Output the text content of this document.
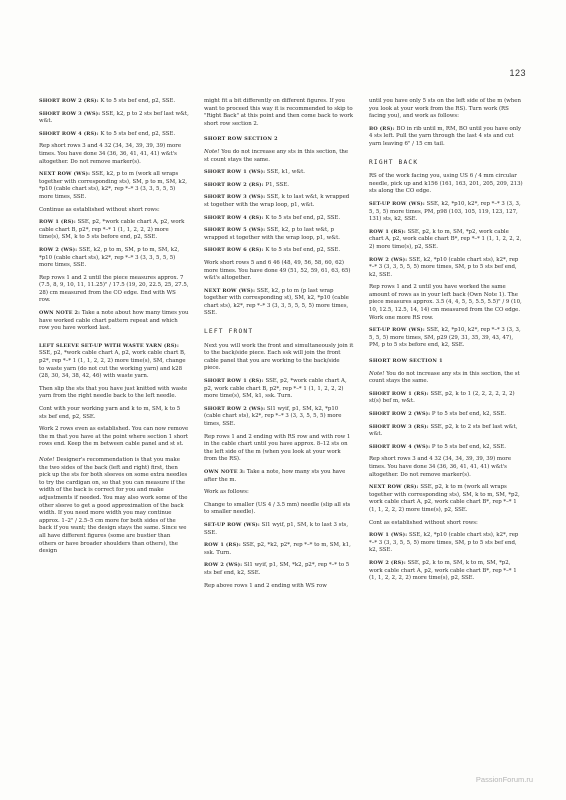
123
SHORT ROW 2 (RS): K to 5 sts bef end, p2, SSE.
SHORT ROW 3 (WS): SSE, k2, p to 2 sts bef last w&t, w&t.
SHORT ROW 4 (RS): K to 5 sts bef end, p2, SSE.
Rep short rows 3 and 4 32 (34, 34, 39, 39, 39) more times. You have done 34 (36, 36, 41, 41, 41) w&t's altogether. Do not remove marker(s).
NEXT ROW (WS): SSE, k2, p to m (work all wraps together with corresponding sts), SM, p to m, SM, k2, *p10 (cable chart sts), k2*, rep *–* 3 (3, 3, 5, 5, 5) more times, SSE.
Continue as established without short rows:
ROW 1 (RS): SSE, p2, *work cable chart A, p2, work cable chart B, p2*, rep *–* 1 (1, 1, 2, 2, 2) more time(s), SM, k to 5 sts before end, p2, SSE.
ROW 2 (WS): SSE, k2, p to m, SM, p to m, SM, k2, *p10 (cable chart sts), k2*, rep *–* 3 (3, 3, 5, 5, 5) more times, SSE.
Rep rows 1 and 2 until the piece measures approx. 7 (7.5, 8, 9, 10, 11, 11.25)" / 17.5 (19, 20, 22.5, 25, 27.5, 28) cm measured from the CO edge. End with WS row.
OWN NOTE 2: Take a note about how many times you have worked cable chart pattern repeat and which row you have worked last.
LEFT SLEEVE SET-UP WITH WASTE YARN (RS): SSE, p2, *work cable chart A, p2, work cable chart B, p2*, rep *–* 1 (1, 1, 2, 2, 2) more time(s), SM, change to waste yarn (do not cut the working yarn) and k28 (28, 30, 34, 38, 42, 46) with waste yarn.
Then slip the sts that you have just knitted with waste yarn from the right needle back to the left needle.
Cont with your working yarn and k to m, SM, k to 5 sts bef end, p2, SSE.
Work 2 rows even as established. You can now remove the m that you have at the point where section 1 short rows end. Keep the m between cable panel and st st.
Note! Designer's recommendation is that you make the two sides of the back (left and right) first, then pick up the sts for both sleeves on some extra needles to try the cardigan on, so that you can measure if the width of the back is correct for you and make adjustments if needed. You may also work some of the other sleeve to get a good approximation of the back width. If you need more width you may continue approx. 1–2" / 2.5–5 cm more for both sides of the back if you want; the design stays the same. Since we all have different figures (some are bustier than others or have broader shoulders than others), the design
might fit a bit differently on different figures. If you want to proceed this way it is recommended to skip to "Right Back" at this point and then come back to work short row section 2.
SHORT ROW SECTION 2
Note! You do not increase any sts in this section, the st count stays the same.
SHORT ROW 1 (WS): SSE, k1, w&t.
SHORT ROW 2 (RS): P1, SSE.
SHORT ROW 3 (WS): SSE, k to last w&t, k wrapped st together with the wrap loop, p1, w&t.
SHORT ROW 4 (RS): K to 5 sts bef end, p2, SSE.
SHORT ROW 5 (WS): SSE, k2, p to last w&t, p wrapped st together with the wrap loop, p1, w&t.
SHORT ROW 6 (RS): K to 5 sts bef end, p2, SSE.
Work short rows 5 and 6 46 (48, 49, 56, 58, 60, 62) more times. You have done 49 (51, 52, 59, 61, 63, 65) w&t's altogether.
NEXT ROW (WS): SSE, k2, p to m (p last wrap together with corresponding st), SM, k2, *p10 (cable chart sts), k2*, rep *–* 3 (3, 3, 5, 5, 5, 5) more times, SSE.
LEFT FRONT
Next you will work the front and simultaneously join it to the back/side piece. Each ssk will join the front cable panel that you are working to the back/side piece.
SHORT ROW 1 (RS): SSE, p2, *work cable chart A, p2, work cable chart B, p2*, rep *–* 1 (1, 1, 2, 2, 2) more time(s), SM, k1, ssk. Turn.
SHORT ROW 2 (WS): Sl1 wyif, p1, SM, k2, *p10 (cable chart sts), k2*, rep *–* 3 (3, 3, 5, 5, 5) more times, SSE.
Rep rows 1 and 2 ending with RS row and with row 1 in the cable chart until you have approx. 8–12 sts on the left side of the m (when you look at your work from the RS).
OWN NOTE 3: Take a note, how many sts you have after the m.
Work as follows:
Change to smaller (US 4 / 3.5 mm) needle (slip all sts to smaller needle).
SET-UP ROW (WS): Sl1 wyif, p1, SM, k to last 3 sts, SSE.
ROW 1 (RS): SSE, p2, *k2, p2*, rep *–* to m, SM, k1, ssk. Turn.
ROW 2 (WS): Sl1 wyif, p1, SM, *k2, p2*, rep *–* to 5 sts bef end, k2, SSE.
Rep above rows 1 and 2 ending with WS row
until you have only 5 sts on the left side of the m (when you look at your work from the RS). Turn work (RS facing you), and work as follows:
BO (RS): BO in rib until m, RM, BO until you have only 4 sts left. Pull the yarn through the last 4 sts and cut yarn leaving 6" / 15 cm tail.
RIGHT BACK
RS of the work facing you, using US 6 / 4 mm circular needle, pick up and k156 (161, 163, 201, 205, 209, 213) sts along the CO edge.
SET-UP ROW (WS): SSE, k2, *p10, k2*, rep *–* 3 (3, 3, 5, 5, 5) more times, PM, p98 (103, 105, 119, 123, 127, 131) sts, k2, SSE.
ROW 1 (RS): SSE, p2, k to m, SM, *p2, work cable chart A, p2, work cable chart B*, rep *–* 1 (1, 1, 2, 2, 2, 2) more time(s), p2, SSE.
ROW 2 (WS): SSE, k2, *p10 (cable chart sts), k2*, rep *–* 3 (3, 3, 5, 5, 5) more times, SM, p to 5 sts bef end, k2, SSE.
Rep rows 1 and 2 until you have worked the same amount of rows as in your left back (Own Note 1). The piece measures approx. 3.5 (4, 4, 5, 5, 5.5, 5.5)" / 9 (10, 10, 12.5, 12.5, 14, 14) cm measured from the CO edge. Work one more RS row.
SET-UP ROW (WS): SSE, k2, *p10, k2*, rep *–* 3 (3, 3, 5, 5, 5) more times, SM, p29 (29, 31, 35, 39, 43, 47), PM, p to 5 sts before end, k2, SSE.
SHORT ROW SECTION 1
Note! You do not increase any sts in this section, the st count stays the same.
SHORT ROW 1 (RS): SSE, p2, k to 1 (2, 2, 2, 2, 2, 2) st(s) bef m, w&t.
SHORT ROW 2 (WS): P to 5 sts bef end, k2, SSE.
SHORT ROW 3 (RS): SSE, p2, k to 2 sts bef last w&t, w&t.
SHORT ROW 4 (WS): P to 5 sts bef end, k2, SSE.
Rep short rows 3 and 4 32 (34, 34, 39, 39, 39) more times. You have done 34 (36, 36, 41, 41, 41) w&t's altogether. Do not remove marker(s).
NEXT ROW (RS): SSE, p2, k to m (work all wraps together with corresponding sts), SM, k to m, SM, *p2, work cable chart A, p2, work cable chart B*, rep *–* 1 (1, 1, 2, 2, 2) more time(s), p2, SSE.
Cont as established without short rows:
ROW 1 (WS): SSE, k2, *p10 (cable chart sts), k2*, rep *–* 3 (3, 3, 5, 5, 5) more times, SM, p to 5 sts bef end, k2, SSE.
ROW 2 (RS): SSE, p2, k to m, SM, k to m, SM, *p2, work cable chart A, p2, work cable chart B*, rep *–* 1 (1, 1, 2, 2, 2, 2) more time(s), p2, SSE.
PassionForum.ru
